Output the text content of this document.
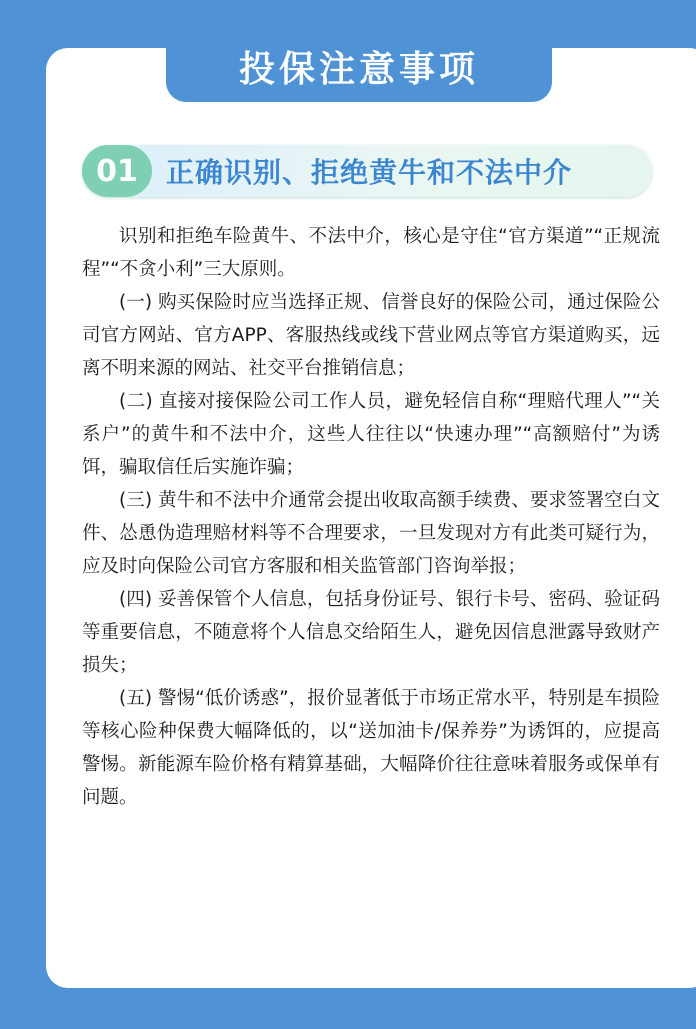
投保注意事项
01	正确识别、拒绝黄牛和不法中介

识别和拒绝车险黄牛、不法中介，核心是守住“官方渠道”“正规流程”“不贪小利”三大原则。

(一) 购买保险时应当选择正规、信誉良好的保险公司，通过保险公司官方网站、官方APP、客服热线或线下营业网点等官方渠道购买，远离不明来源的网站、社交平台推销信息；

(二) 直接对接保险公司工作人员，避免轻信自称“理赔代理人”“关系户”的黄牛和不法中介，这些人往往以“快速办理”“高额赔付”为诱饵，骗取信任后实施诈骗；

(三) 黄牛和不法中介通常会提出收取高额手续费、要求签署空白文件、怂恿伪造理赔材料等不合理要求，一旦发现对方有此类可疑行为，应及时向保险公司官方客服和相关监管部门咨询举报；

(四) 妥善保管个人信息，包括身份证号、银行卡号、密码、验证码等重要信息，不随意将个人信息交给陌生人，避免因信息泄露导致财产损失；

(五) 警惕“低价诱惑”，报价显著低于市场正常水平，特别是车损险等核心险种保费大幅降低的，以“送加油卡/保养券”为诱饵的，应提高警惕。新能源车险价格有精算基础，大幅降价往往意味着服务或保单有问题。
